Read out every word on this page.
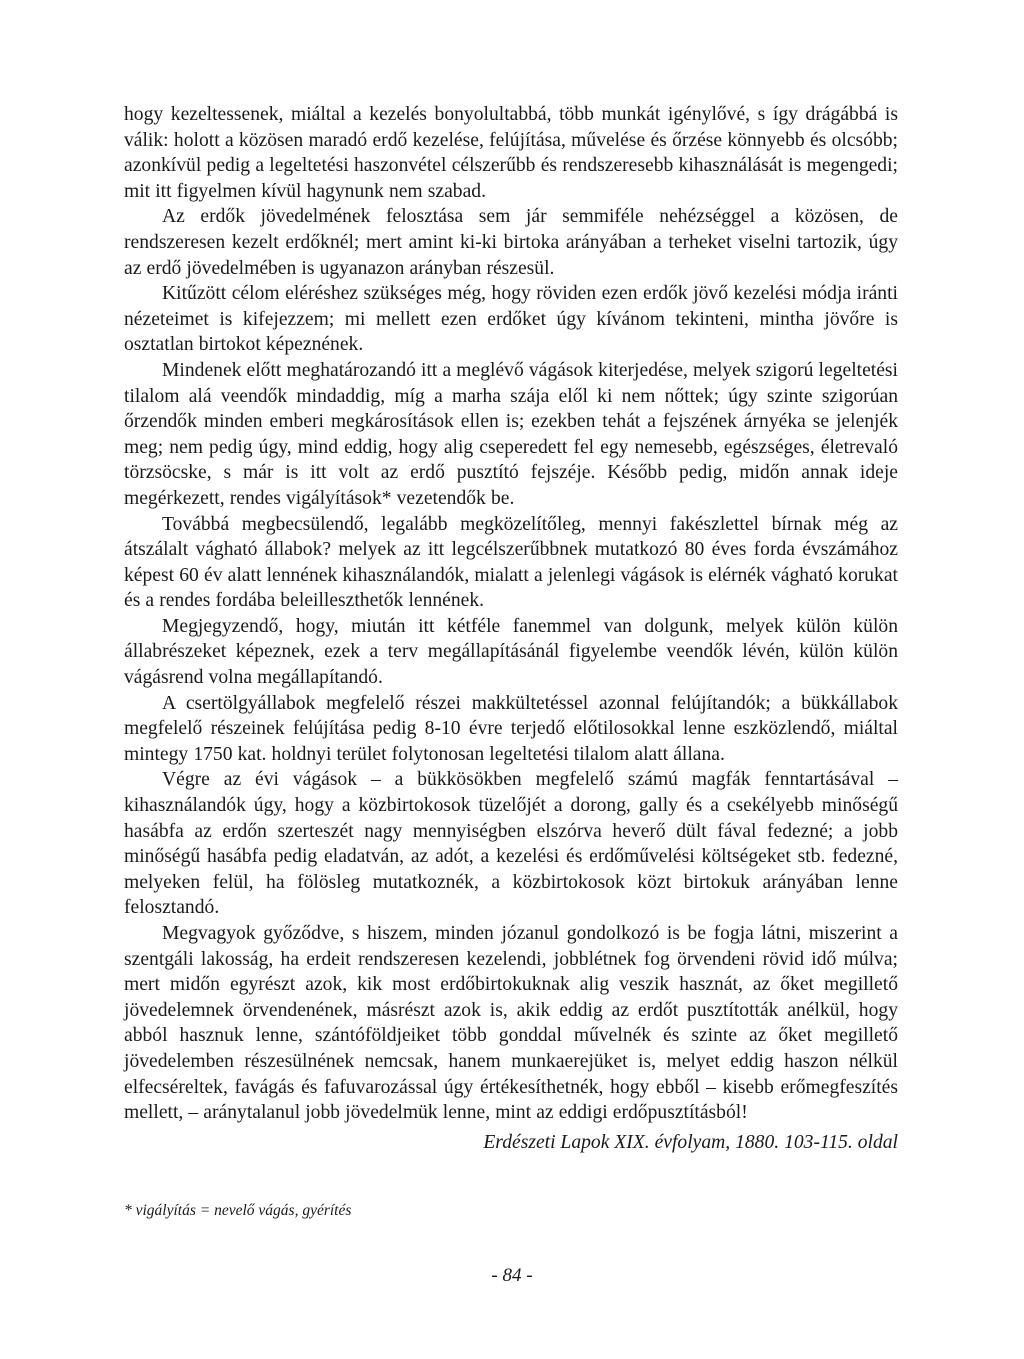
hogy kezeltessenek, miáltal a kezelés bonyolultabbá, több munkát igénylővé, s így drágábbá is válik: holott a közösen maradó erdő kezelése, felújítása, művelése és őrzése könnyebb és olcsóbb; azonkívül pedig a legeltetési haszonvétel célszerűbb és rendszeresebb kihasználását is megengedi; mit itt figyelmen kívül hagynunk nem szabad.

Az erdők jövedelmének felosztása sem jár semmiféle nehézséggel a közösen, de rendszeresen kezelt erdőknél; mert amint ki-ki birtoka arányában a terheket viselni tartozik, úgy az erdő jövedelmében is ugyanazon arányban részesül.

Kitűzött célom eléréshez szükséges még, hogy röviden ezen erdők jövő kezelési módja iránti nézeteimet is kifejezzem; mi mellett ezen erdőket úgy kívánom tekinteni, mintha jövőre is osztatlan birtokot képeznének.

Mindenek előtt meghatározandó itt a meglévő vágások kiterjedése, melyek szigorú legeltetési tilalom alá veendők mindaddig, míg a marha szája elől ki nem nőttek; úgy szinte szigorúan őrzendők minden emberi megkárosítások ellen is; ezekben tehát a fejszének árnyéka se jelenjék meg; nem pedig úgy, mind eddig, hogy alig cseperedett fel egy nemesebb, egészséges, életrevaló törzsöcske, s már is itt volt az erdő pusztító fejszéje. Később pedig, midőn annak ideje megérkezett, rendes vigályítások* vezetendők be.

Továbbá megbecsülendő, legalább megközelítőleg, mennyi fakészlettel bírnak még az átszálalt vágható állabok? melyek az itt legcélszerűbbnek mutatkozó 80 éves forda évszámához képest 60 év alatt lennének kihasználandók, mialatt a jelenlegi vágások is elérnék vágható korukat és a rendes fordába beleilleszthetők lennének.

Megjegyzendő, hogy, miután itt kétféle fanemmel van dolgunk, melyek külön külön állabrészeket képeznek, ezek a terv megállapításánál figyelembe veendők lévén, külön külön vágásrend volna megállapítandó.

A csertölgyállabok megfelelő részei makkültetéssel azonnal felújítandók; a bükkállabok megfelelő részeinek felújítása pedig 8-10 évre terjedő előtilosokkal lenne eszközlendő, miáltal mintegy 1750 kat. holdnyi terület folytonosan legeltetési tilalom alatt állana.

Végre az évi vágások – a bükkösökben megfelelő számú magfák fenntartásával – kihasználandók úgy, hogy a közbirtokosok tüzelőjét a dorong, gally és a csekélyebb minőségű hasábfa az erdőn szerteszét nagy mennyiségben elszórva heverő dült fával fedezné; a jobb minőségű hasábfa pedig eladatván, az adót, a kezelési és erdőművelési költségeket stb. fedezné, melyeken felül, ha fölösleg mutatkoznék, a közbirtokosok közt birtokuk arányában lenne felosztandó.

Megvagyok győződve, s hiszem, minden józanul gondolkozó is be fogja látni, miszerint a szentgáli lakosság, ha erdeit rendszeresen kezelendi, jobblétnek fog örvendeni rövid idő múlva; mert midőn egyrészt azok, kik most erdőbirtokuknak alig veszik hasznát, az őket megillető jövedelemnek örvendenének, másrészt azok is, akik eddig az erdőt pusztították anélkül, hogy abból hasznuk lenne, szántóföldjeiket több gonddal művelnék és szinte az őket megillető jövedelemben részesülnének nemcsak, hanem munkaerejüket is, melyet eddig haszon nélkül elfecséreltek, favágás és fafuvarozással úgy értékesíthetnék, hogy ebből – kisebb erőmegfeszítés mellett, – aránytalanul jobb jövedelmük lenne, mint az eddigi erdőpusztításból!

Erdészeti Lapok XIX. évfolyam, 1880. 103-115. oldal
* vigályítás = nevelő vágás, gyérítés
- 84 -
